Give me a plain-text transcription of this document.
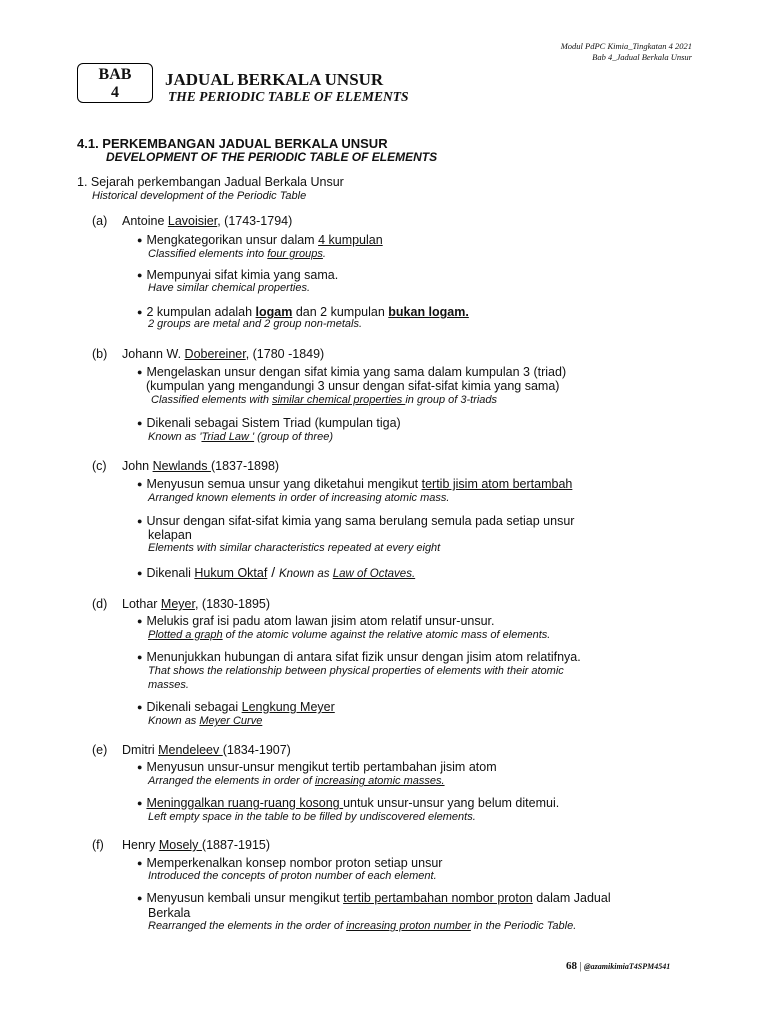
Modul PdPC Kimia_Tingkatan 4 2021
Bab 4_Jadual Berkala Unsur
BAB
4
JADUAL BERKALA UNSUR
THE PERIODIC TABLE OF ELEMENTS
4.1. PERKEMBANGAN JADUAL BERKALA UNSUR
DEVELOPMENT OF THE PERIODIC TABLE OF ELEMENTS
1. Sejarah perkembangan Jadual Berkala Unsur
Historical development of the Periodic Table
(a) Antoine Lavoisier, (1743-1794)
● Mengkategorikan unsur dalam 4 kumpulan
Classified elements into four groups.
● Mempunyai sifat kimia yang sama.
Have similar chemical properties.
● 2 kumpulan adalah logam dan 2 kumpulan bukan logam.
2 groups are metal and 2 group non-metals.
(b) Johann W. Dobereiner, (1780 -1849)
● Mengelaskan unsur dengan sifat kimia yang sama dalam kumpulan 3 (triad)
(kumpulan yang mengandungi 3 unsur dengan sifat-sifat kimia yang sama)
Classified elements with similar chemical properties in group of 3-triads
● Dikenali sebagai Sistem Triad (kumpulan tiga)
Known as 'Triad Law ' (group of three)
(c) John Newlands (1837-1898)
● Menyusun semua unsur yang diketahui mengikut tertib jisim atom bertambah
Arranged known elements in order of increasing atomic mass.
● Unsur dengan sifat-sifat kimia yang sama berulang semula pada setiap unsur
kelapan
Elements with similar characteristics repeated at every eight
● Dikenali Hukum Oktaf / Known as Law of Octaves.
(d) Lothar Meyer, (1830-1895)
● Melukis graf isi padu atom lawan jisim atom relatif unsur-unsur.
Plotted a graph of the atomic volume against the relative atomic mass of elements.
● Menunjukkan hubungan di antara sifat fizik unsur dengan jisim atom relatifnya.
That shows the relationship between physical properties of elements with their atomic
masses.
● Dikenali sebagai Lengkung Meyer
Known as Meyer Curve
(e) Dmitri Mendeleev (1834-1907)
● Menyusun unsur-unsur mengikut tertib pertambahan jisim atom
Arranged the elements in order of increasing atomic masses.
● Meninggalkan ruang-ruang kosong untuk unsur-unsur yang belum ditemui.
Left empty space in the table to be filled by undiscovered elements.
(f) Henry Mosely (1887-1915)
● Memperkenalkan konsep nombor proton setiap unsur
Introduced the concepts of proton number of each element.
● Menyusun kembali unsur mengikut tertib pertambahan nombor proton dalam Jadual
Berkala
Rearranged the elements in the order of increasing proton number in the Periodic Table.
68 | @azamikimiaT4SPM4541
